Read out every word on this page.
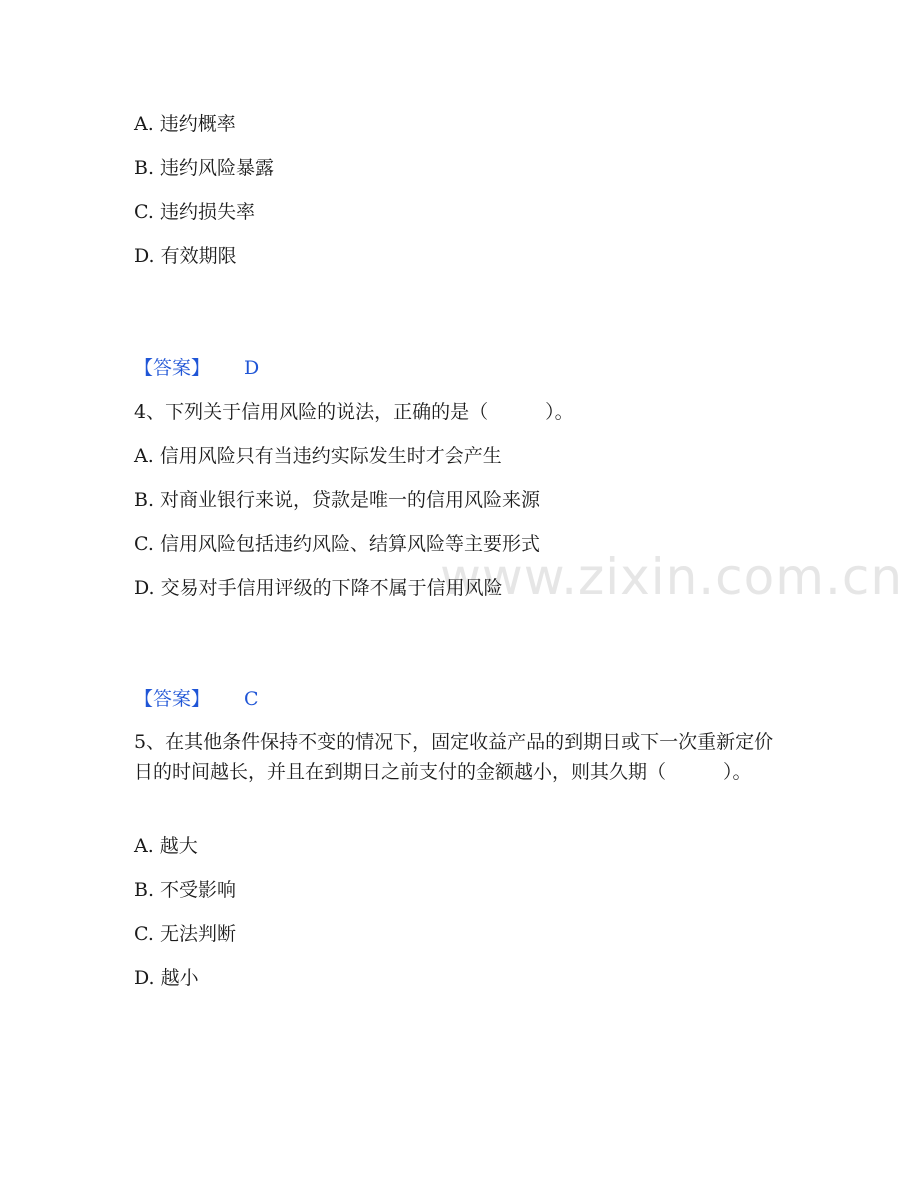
www.zixin.com.cn
A. 违约概率
B. 违约风险暴露
C. 违约损失率
D. 有效期限
【答案】 D
4、下列关于信用风险的说法，正确的是（　　　）。
A. 信用风险只有当违约实际发生时才会产生
B. 对商业银行来说，贷款是唯一的信用风险来源
C. 信用风险包括违约风险、结算风险等主要形式
D. 交易对手信用评级的下降不属于信用风险
【答案】 C
5、在其他条件保持不变的情况下，固定收益产品的到期日或下一次重新定价日的时间越长，并且在到期日之前支付的金额越小，则其久期（　　　）。
A. 越大
B. 不受影响
C. 无法判断
D. 越小
